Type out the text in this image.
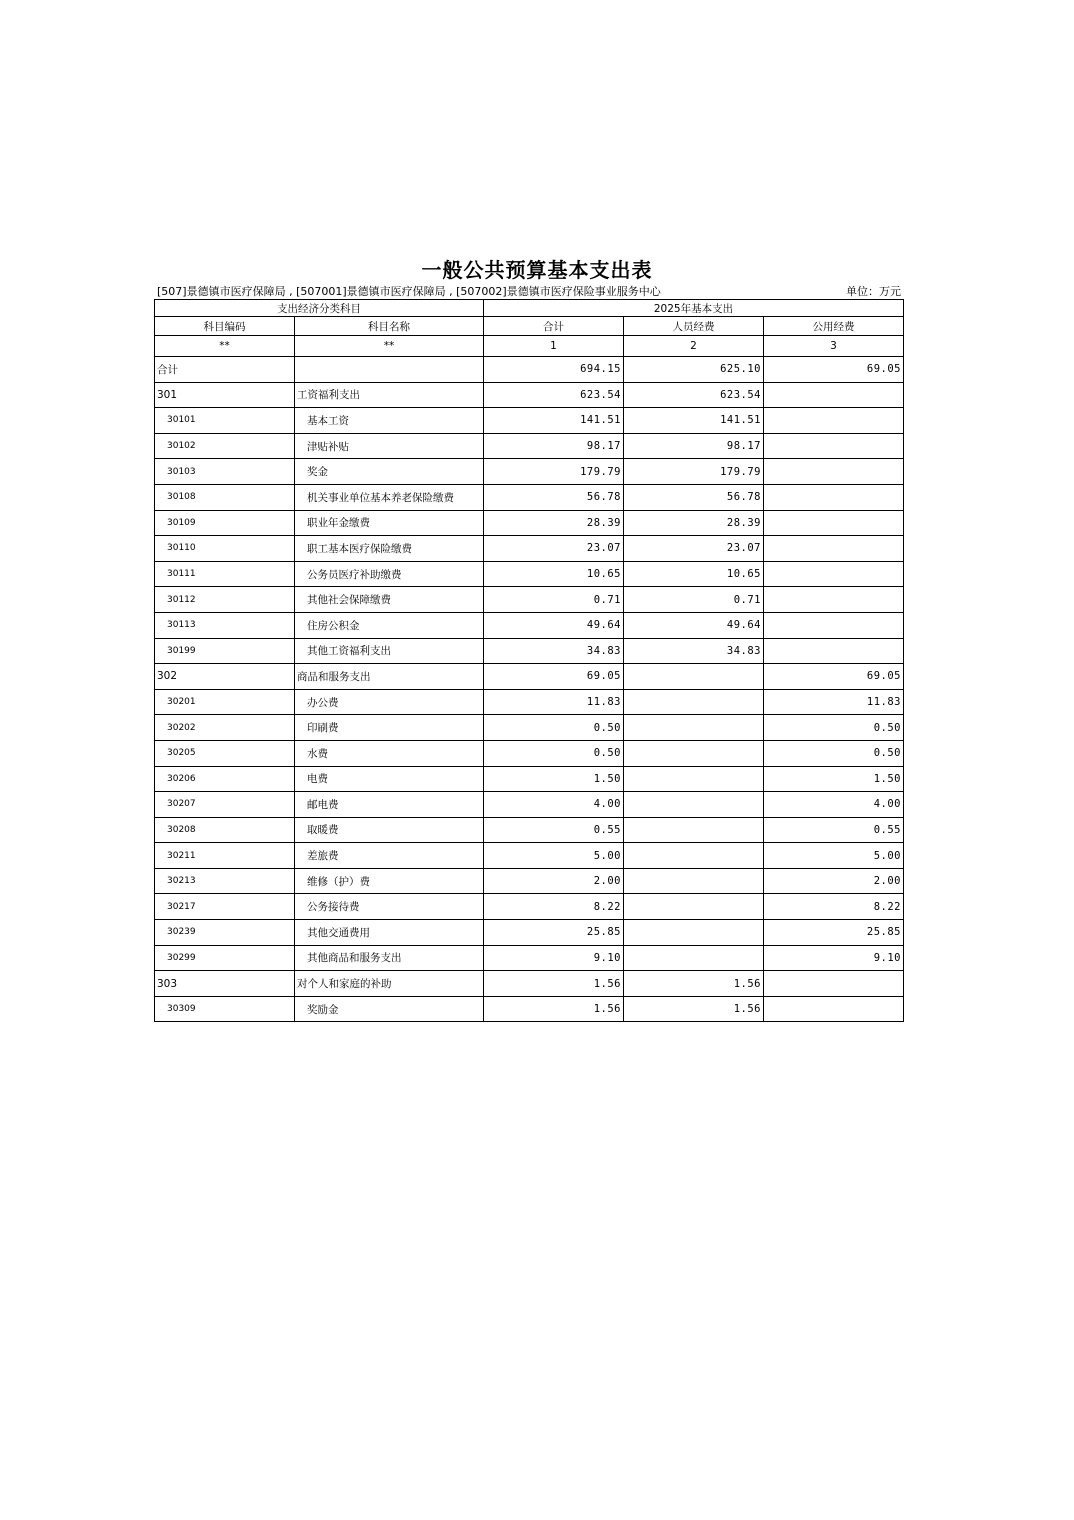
一般公共预算基本支出表
[507]景德镇市医疗保障局 , [507001]景德镇市医疗保障局 , [507002]景德镇市医疗保险事业服务中心	单位：万元
支出经济分类科目		2025年基本支出		
科目编码	科目名称	合计	人员经费	公用经费
**	**	1	2	3
合计		694.15	625.10	69.05
301	工资福利支出	623.54	623.54	
30101	基本工资	141.51	141.51	
30102	津贴补贴	98.17	98.17	
30103	奖金	179.79	179.79	
30108	机关事业单位基本养老保险缴费	56.78	56.78	
30109	职业年金缴费	28.39	28.39	
30110	职工基本医疗保险缴费	23.07	23.07	
30111	公务员医疗补助缴费	10.65	10.65	
30112	其他社会保障缴费	0.71	0.71	
30113	住房公积金	49.64	49.64	
30199	其他工资福利支出	34.83	34.83	
302	商品和服务支出	69.05		69.05
30201	办公费	11.83		11.83
30202	印刷费	0.50		0.50
30205	水费	0.50		0.50
30206	电费	1.50		1.50
30207	邮电费	4.00		4.00
30208	取暖费	0.55		0.55
30211	差旅费	5.00		5.00
30213	维修（护）费	2.00		2.00
30217	公务接待费	8.22		8.22
30239	其他交通费用	25.85		25.85
30299	其他商品和服务支出	9.10		9.10
303	对个人和家庭的补助	1.56	1.56	
30309	奖励金	1.56	1.56	
